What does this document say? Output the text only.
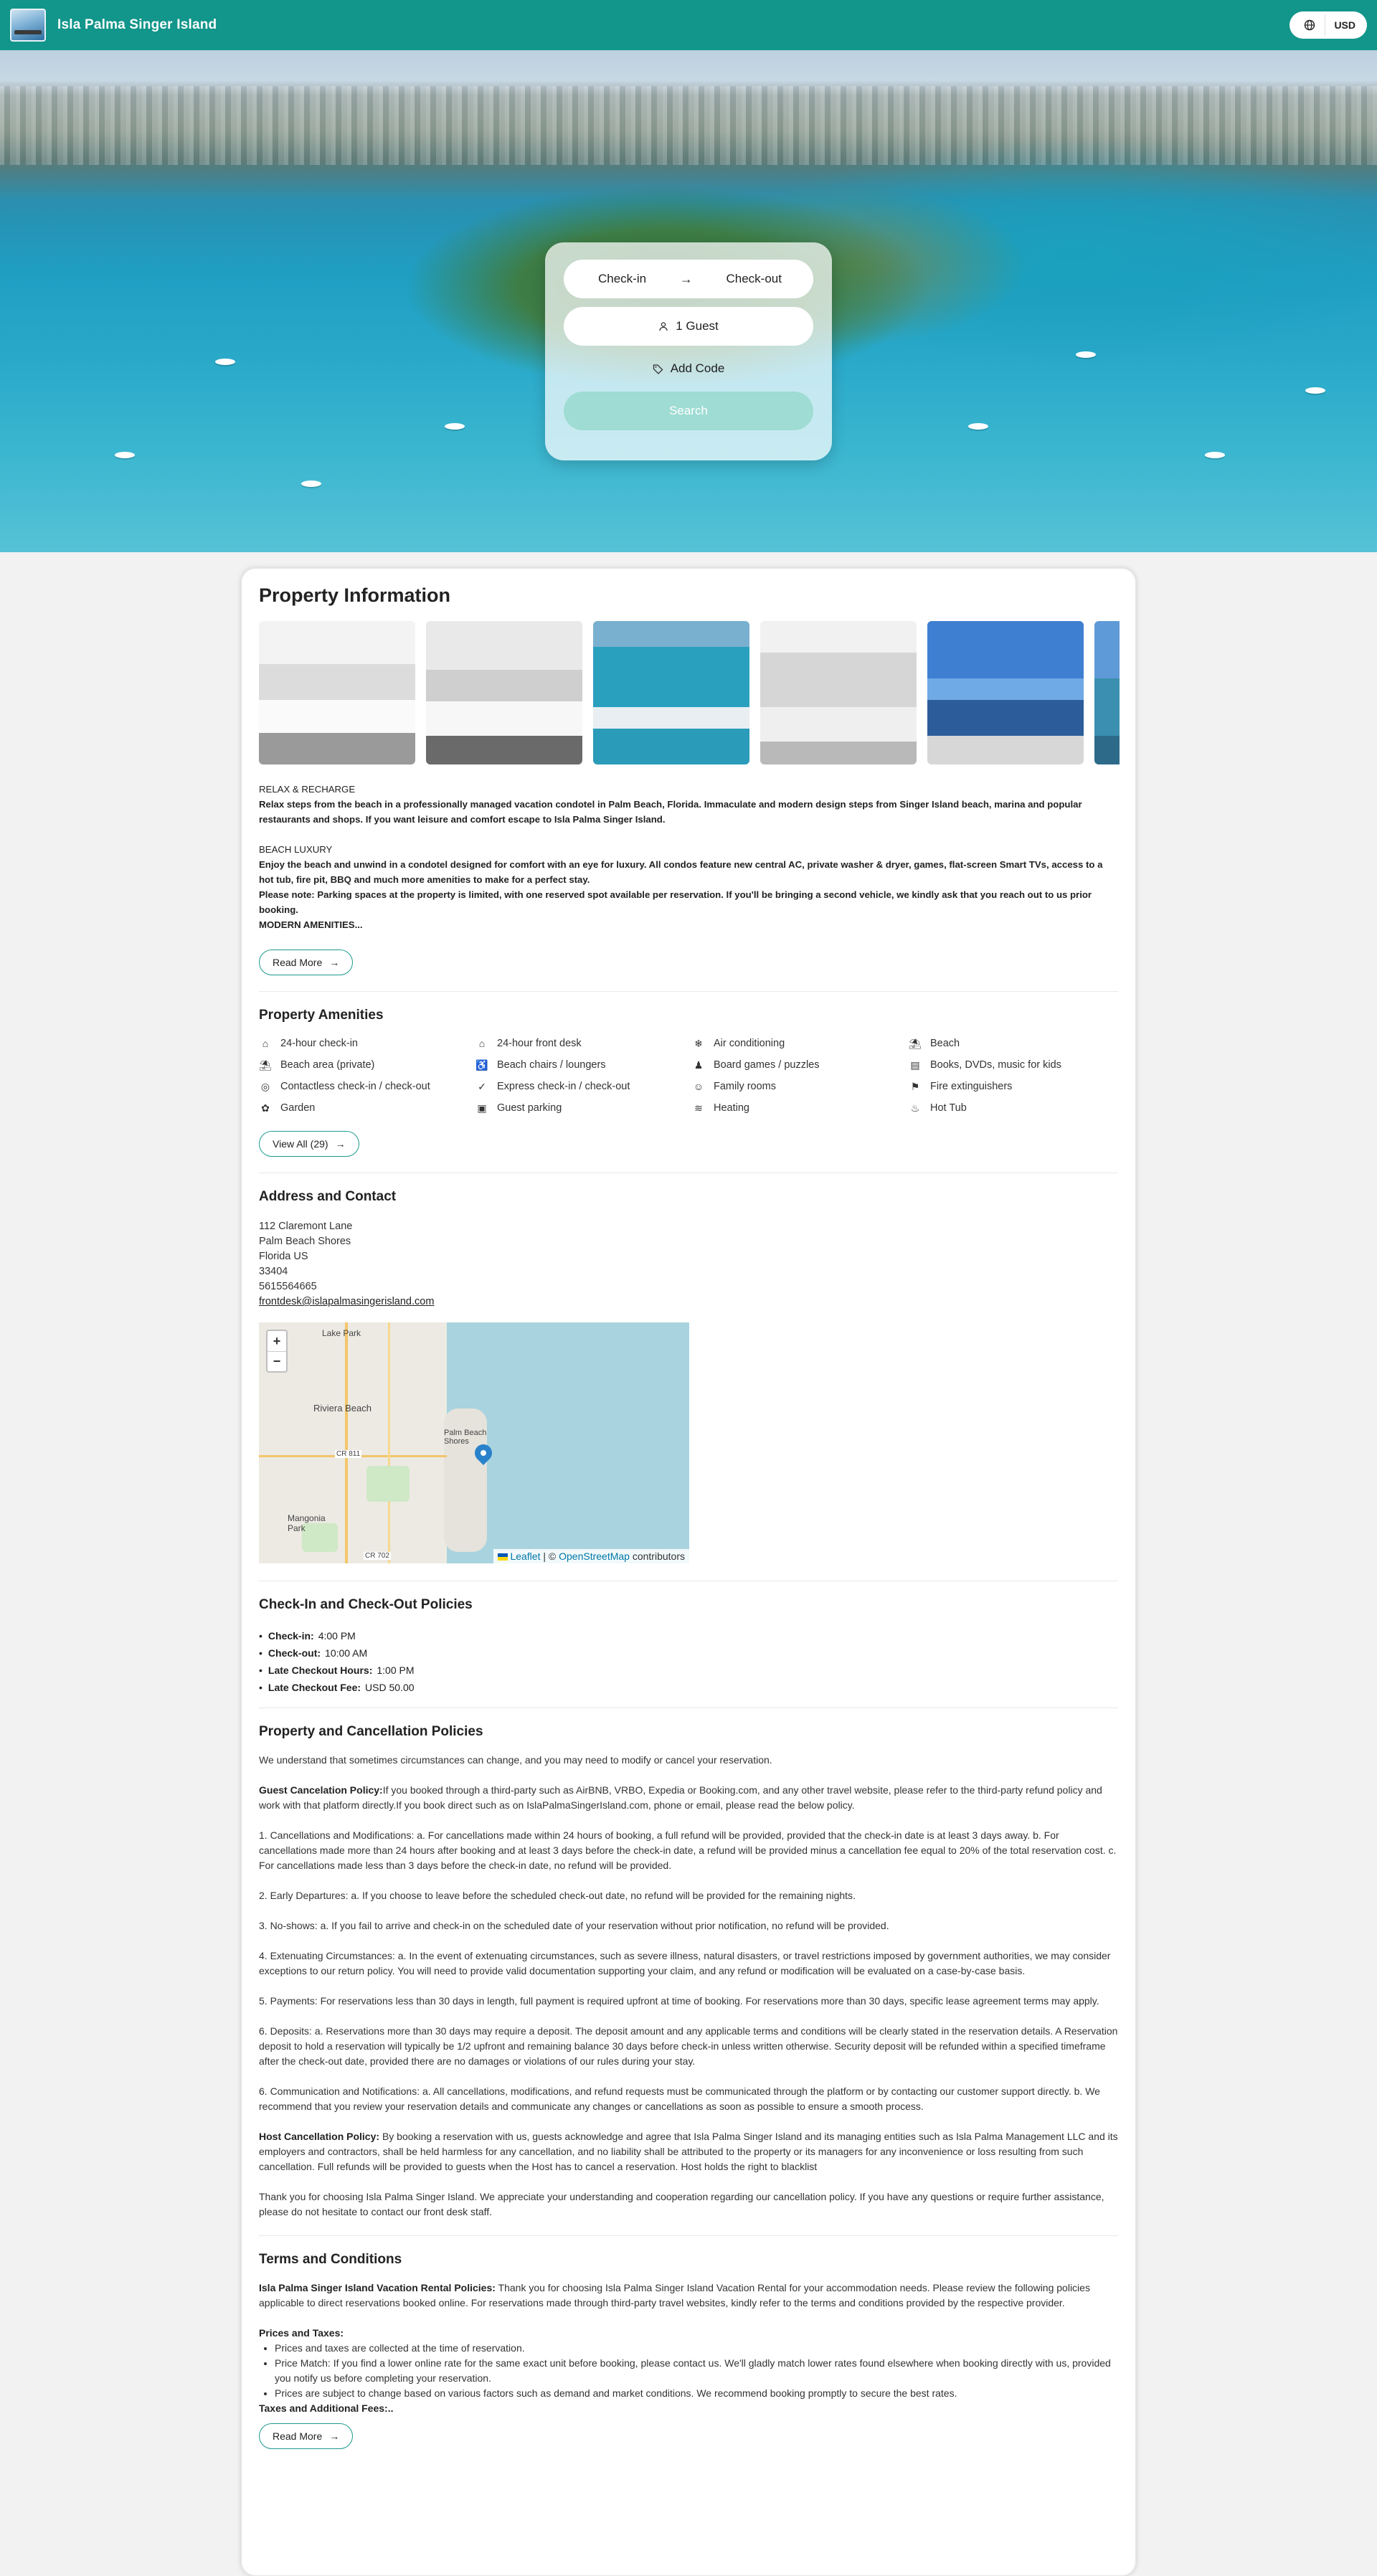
Isla Palma Singer Island	USD
Check-in	→	Check-out
1 Guest
Add Code
Search
Property Information
RELAX & RECHARGE
Relax steps from the beach in a professionally managed vacation condotel in Palm Beach, Florida. Immaculate and modern design steps from Singer Island beach, marina and popular restaurants and shops. If you want leisure and comfort escape to Isla Palma Singer Island.
BEACH LUXURY
Enjoy the beach and unwind in a condotel designed for comfort with an eye for luxury. All condos feature new central AC, private washer & dryer, games, flat-screen Smart TVs, access to a hot tub, fire pit, BBQ and much more amenities to make for a perfect stay.
Please note: Parking spaces at the property is limited, with one reserved spot available per reservation. If you'll be bringing a second vehicle, we kindly ask that you reach out to us prior booking.
MODERN AMENITIES...
Read More →
Property Amenities
⌂	24-hour check-in	⌂	24-hour front desk	❄ Air conditioning	⛱ Beach
⛱ Beach area (private)	♿ Beach chairs / loungers	♟ Board games / puzzles	▤ Books, DVDs, music for kids
◎ Contactless check-in / check-out	✓ Express check-in / check-out	☺ Family rooms	⚑ Fire extinguishers
✿ Garden	▣ Guest parking	≋ Heating	♨ Hot Tub
View All (29) →
Address and Contact
112 Claremont Lane
Palm Beach Shores
Florida US
33404
5615564665
frontdesk@islapalmasingerisland.com
Lake Park
Riviera Beach
Palm Beach Shores
Mangonia Park
CR 811
CR 702
+
−
Leaflet | © OpenStreetMap contributors
Check-In and Check-Out Policies
• Check-in: 4:00 PM
• Check-out: 10:00 AM
• Late Checkout Hours: 1:00 PM
• Late Checkout Fee: USD 50.00
Property and Cancellation Policies

We understand that sometimes circumstances can change, and you may need to modify or cancel your reservation.

Guest Cancelation Policy:If you booked through a third-party such as AirBNB, VRBO, Expedia or Booking.com, and any other travel website, please refer to the third-party refund policy and work with that platform directly.If you book direct such as on IslaPalmaSingerIsland.com, phone or email, please read the below policy.

1. Cancellations and Modifications: a. For cancellations made within 24 hours of booking, a full refund will be provided, provided that the check-in date is at least 3 days away. b. For cancellations made more than 24 hours after booking and at least 3 days before the check-in date, a refund will be provided minus a cancellation fee equal to 20% of the total reservation cost. c. For cancellations made less than 3 days before the check-in date, no refund will be provided.

2. Early Departures: a. If you choose to leave before the scheduled check-out date, no refund will be provided for the remaining nights.

3. No-shows: a. If you fail to arrive and check-in on the scheduled date of your reservation without prior notification, no refund will be provided.

4. Extenuating Circumstances: a. In the event of extenuating circumstances, such as severe illness, natural disasters, or travel restrictions imposed by government authorities, we may consider exceptions to our return policy. You will need to provide valid documentation supporting your claim, and any refund or modification will be evaluated on a case-by-case basis.

5. Payments: For reservations less than 30 days in length, full payment is required upfront at time of booking. For reservations more than 30 days, specific lease agreement terms may apply.

6. Deposits: a. Reservations more than 30 days may require a deposit. The deposit amount and any applicable terms and conditions will be clearly stated in the reservation details. A Reservation deposit to hold a reservation will typically be 1/2 upfront and remaining balance 30 days before check-in unless written otherwise. Security deposit will be refunded within a specified timeframe after the check-out date, provided there are no damages or violations of our rules during your stay.

6. Communication and Notifications: a. All cancellations, modifications, and refund requests must be communicated through the platform or by contacting our customer support directly. b. We recommend that you review your reservation details and communicate any changes or cancellations as soon as possible to ensure a smooth process.

Host Cancellation Policy: By booking a reservation with us, guests acknowledge and agree that Isla Palma Singer Island and its managing entities such as Isla Palma Management LLC and its employers and contractors, shall be held harmless for any cancellation, and no liability shall be attributed to the property or its managers for any inconvenience or loss resulting from such cancellation. Full refunds will be provided to guests when the Host has to cancel a reservation. Host holds the right to blacklist

Thank you for choosing Isla Palma Singer Island. We appreciate your understanding and cooperation regarding our cancellation policy. If you have any questions or require further assistance, please do not hesitate to contact our front desk staff.

Terms and Conditions
Isla Palma Singer Island Vacation Rental Policies: Thank you for choosing Isla Palma Singer Island Vacation Rental for your accommodation needs. Please review the following policies applicable to direct reservations booked online. For reservations made through third-party travel websites, kindly refer to the terms and conditions provided by the respective provider.
Prices and Taxes:
• Prices and taxes are collected at the time of reservation.
• Price Match: If you find a lower online rate for the same exact unit before booking, please contact us. We'll gladly match lower rates found elsewhere when booking directly with us, provided you notify us before completing your reservation.
• Prices are subject to change based on various factors such as demand and market conditions. We recommend booking promptly to secure the best rates.
Taxes and Additional Fees:..
Read More →
